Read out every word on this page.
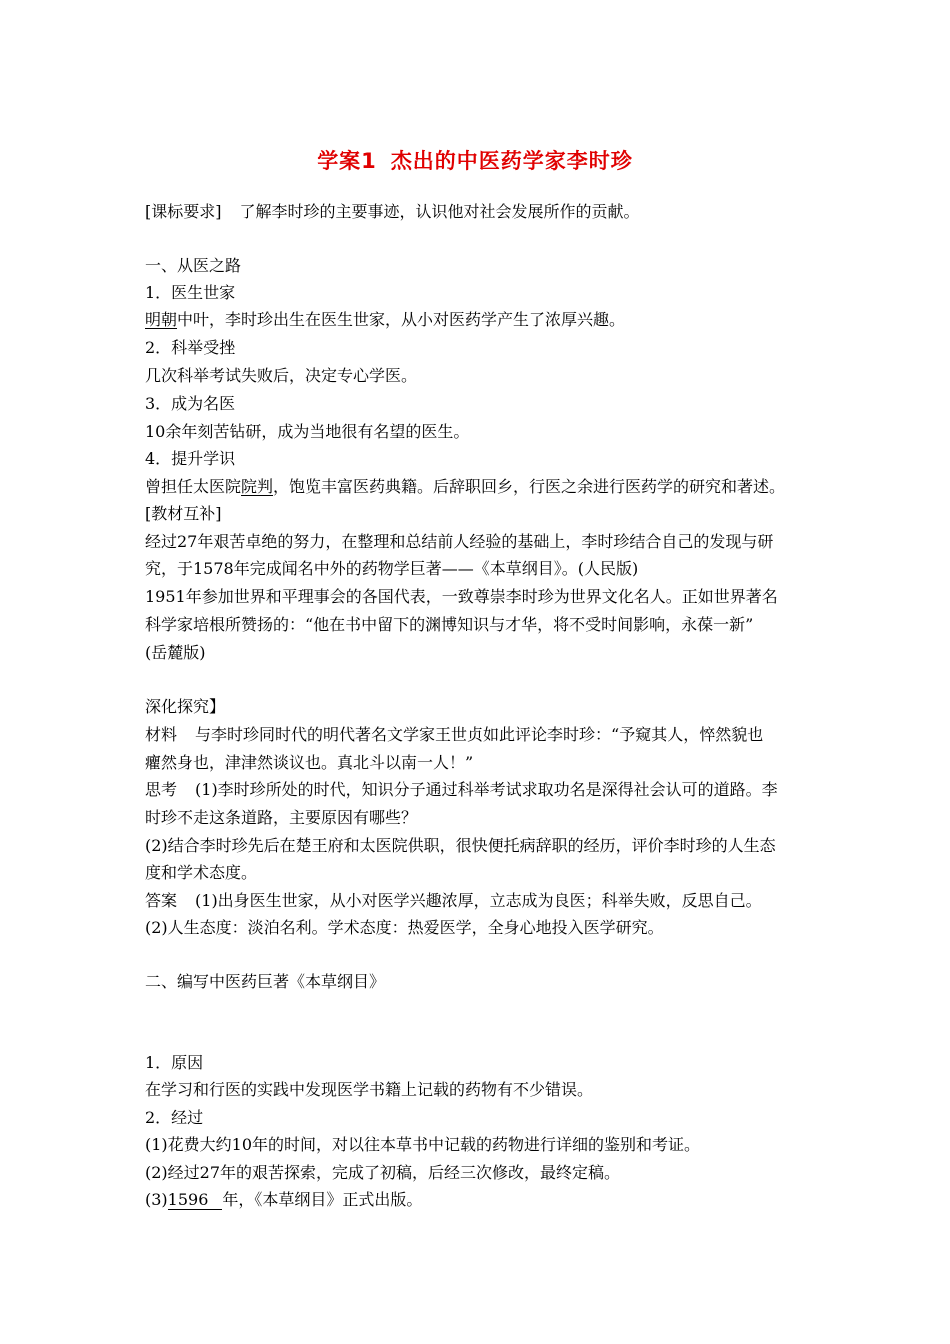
学案1 杰出的中医药学家李时珍
[课标要求] 了解李时珍的主要事迹，认识他对社会发展所作的贡献。
一、从医之路
1．医生世家
明朝中叶，李时珍出生在医生世家，从小对医药学产生了浓厚兴趣。
2．科举受挫
几次科举考试失败后，决定专心学医。
3．成为名医
10余年刻苦钻研，成为当地很有名望的医生。
4．提升学识
曾担任太医院院判，饱览丰富医药典籍。后辞职回乡，行医之余进行医药学的研究和著述。
[教材互补]
经过27年艰苦卓绝的努力，在整理和总结前人经验的基础上，李时珍结合自己的发现与研
究，于1578年完成闻名中外的药物学巨著——《本草纲目》。(人民版)
1951年参加世界和平理事会的各国代表，一致尊崇李时珍为世界文化名人。正如世界著名
科学家培根所赞扬的：“他在书中留下的渊博知识与才华，将不受时间影响，永葆一新”
(岳麓版)
深化探究】
材料 与李时珍同时代的明代著名文学家王世贞如此评论李时珍：“予窥其人，悴然貌也
癯然身也，津津然谈议也。真北斗以南一人！”
思考 (1)李时珍所处的时代，知识分子通过科举考试求取功名是深得社会认可的道路。李
时珍不走这条道路，主要原因有哪些？
(2)结合李时珍先后在楚王府和太医院供职，很快便托病辞职的经历，评价李时珍的人生态
度和学术态度。
答案 (1)出身医生世家，从小对医学兴趣浓厚，立志成为良医；科举失败，反思自己。
(2)人生态度：淡泊名利。学术态度：热爱医学，全身心地投入医学研究。
二、编写中医药巨著《本草纲目》
1．原因
在学习和行医的实践中发现医学书籍上记载的药物有不少错误。
2．经过
(1)花费大约10年的时间，对以往本草书中记载的药物进行详细的鉴别和考证。
(2)经过27年的艰苦探索，完成了初稿，后经三次修改，最终定稿。
(3)1596 年，《本草纲目》正式出版。
